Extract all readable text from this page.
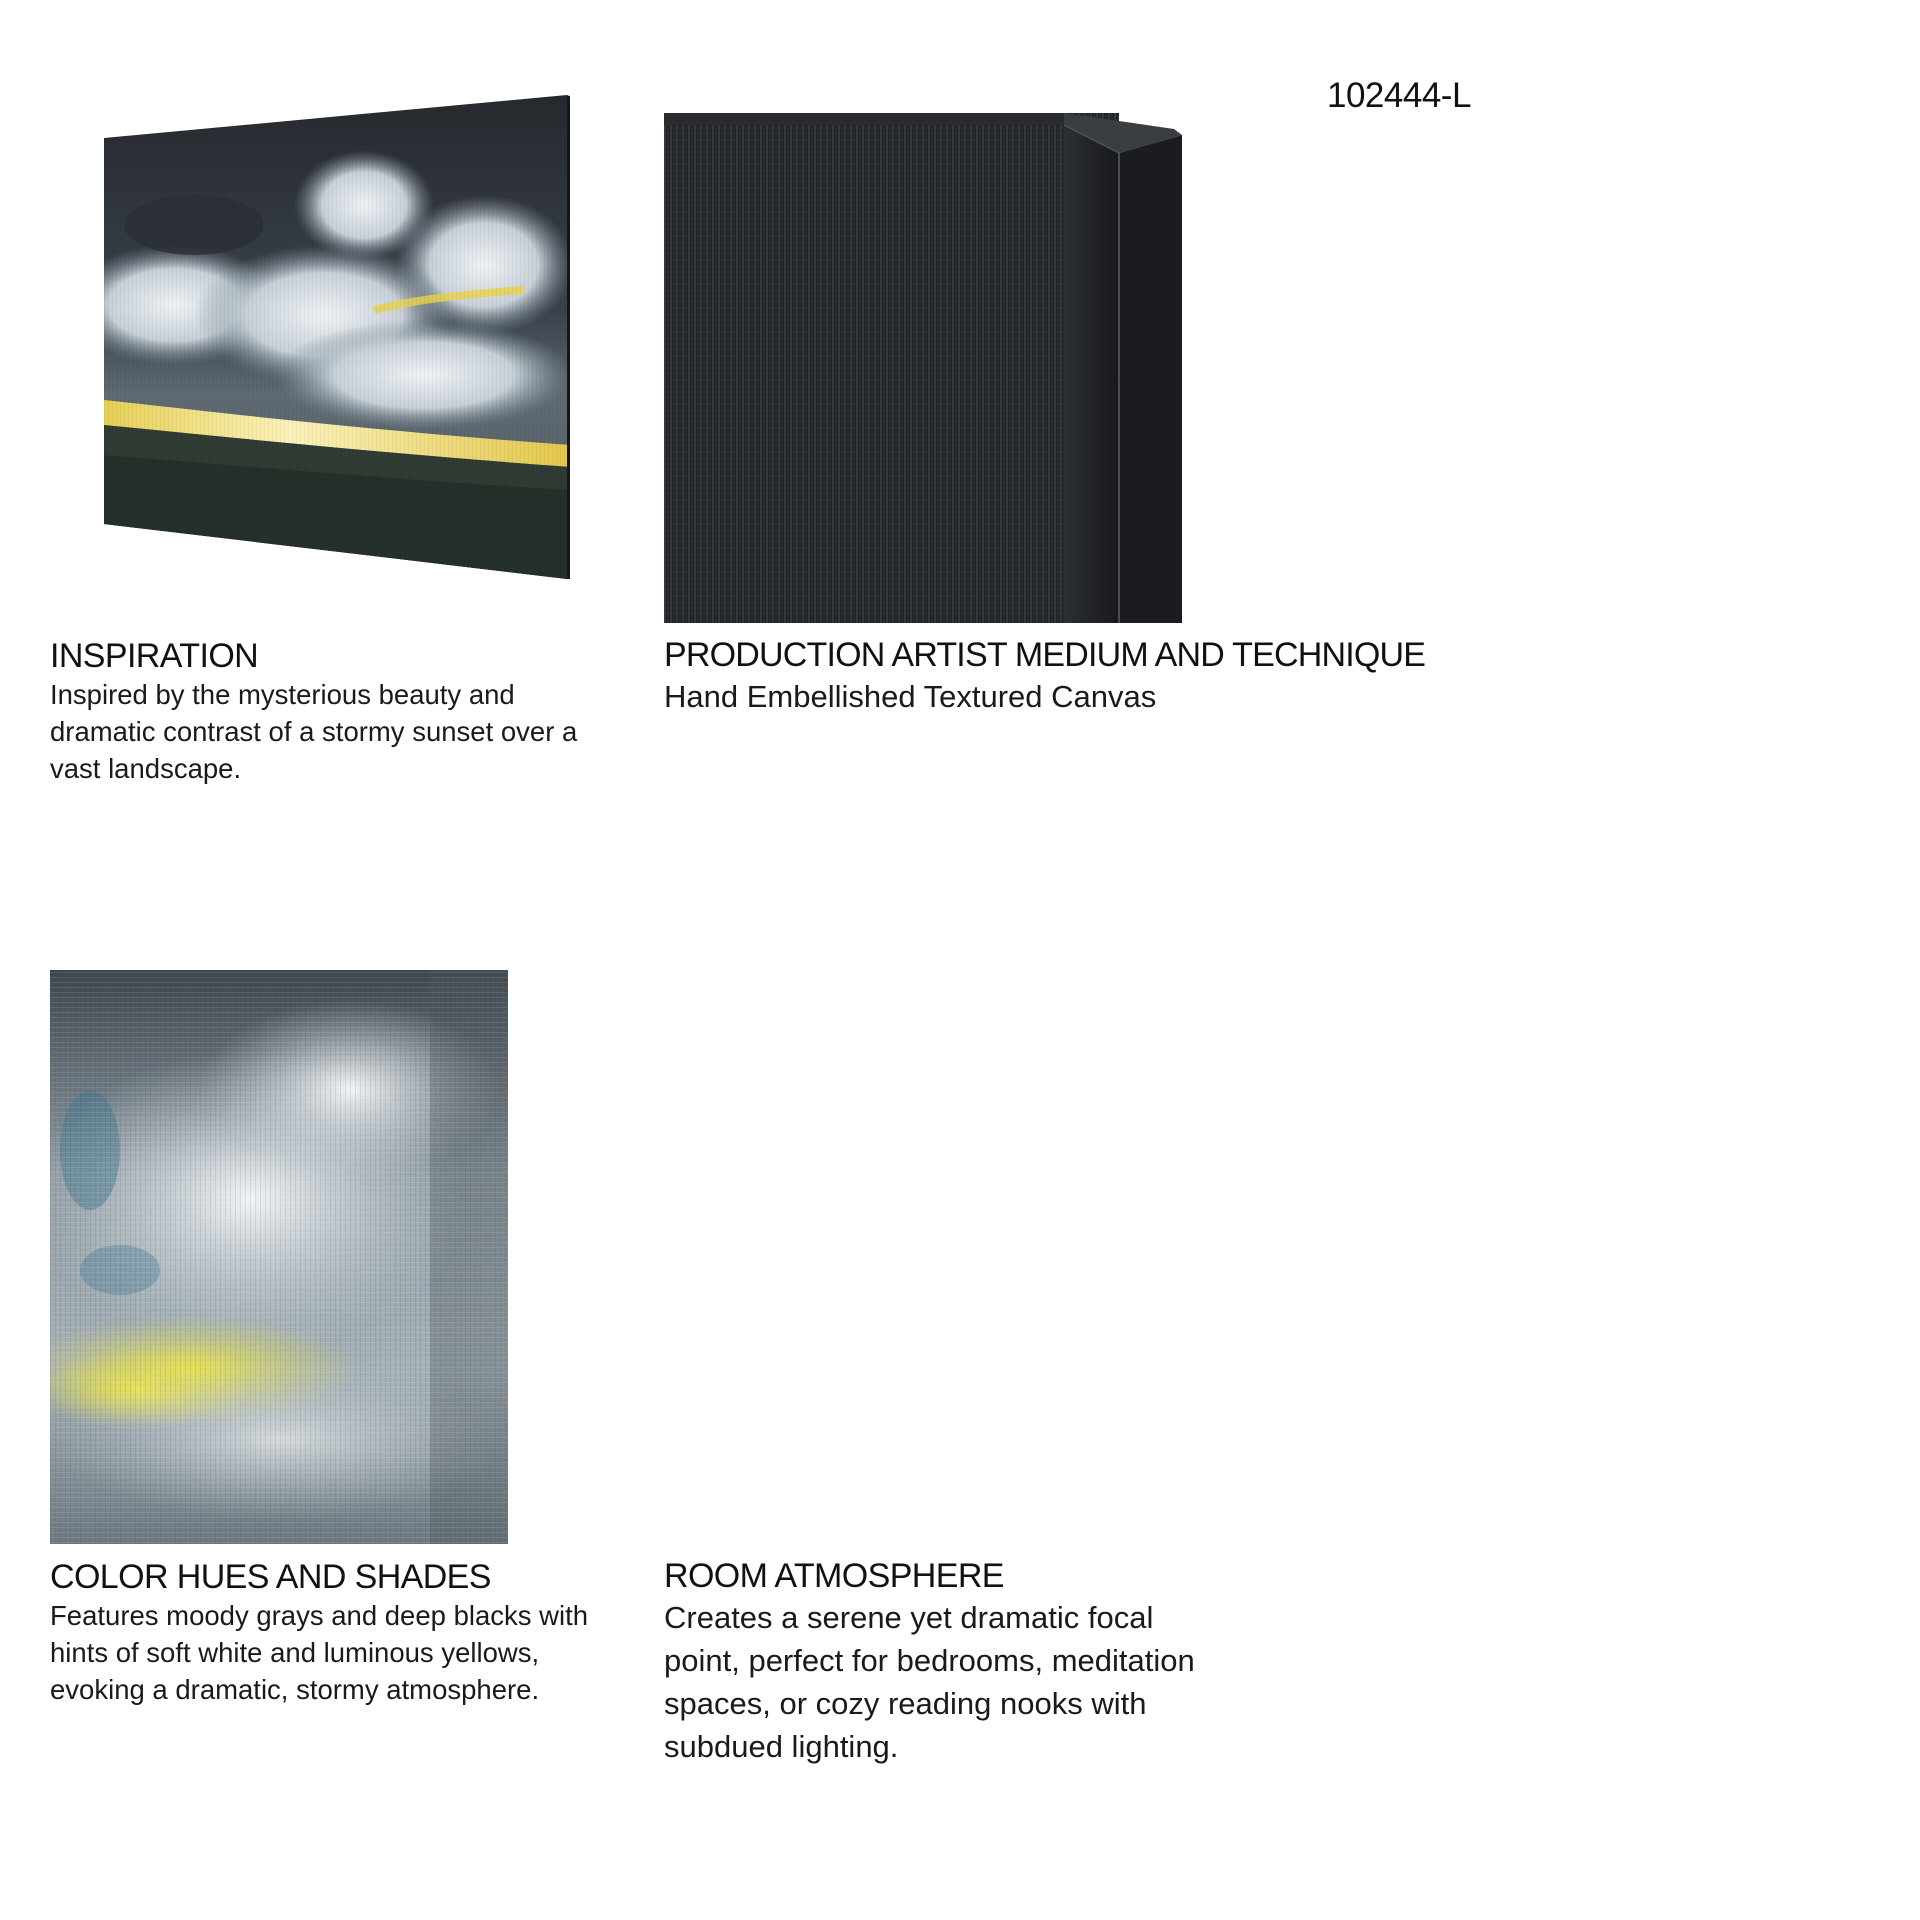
102444-L
INSPIRATION
Inspired by the mysterious beauty and
dramatic contrast of a stormy sunset over a
vast landscape.
PRODUCTION ARTIST MEDIUM AND TECHNIQUE
Hand Embellished Textured Canvas
COLOR HUES AND SHADES
Features moody grays and deep blacks with
hints of soft white and luminous yellows,
evoking a dramatic, stormy atmosphere.
ROOM ATMOSPHERE
Creates a serene yet dramatic focal
point, perfect for bedrooms, meditation
spaces, or cozy reading nooks with
subdued lighting.
